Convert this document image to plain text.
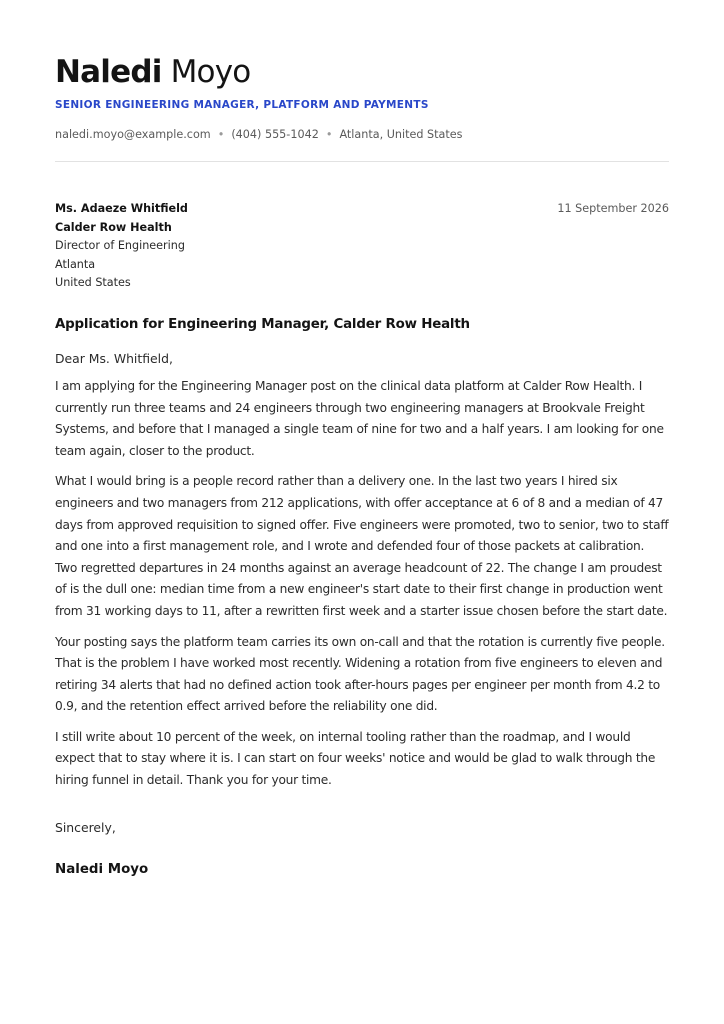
Naledi Moyo
SENIOR ENGINEERING MANAGER, PLATFORM AND PAYMENTS
naledi.moyo@example.com • (404) 555-1042 • Atlanta, United States
Ms. Adaeze Whitfield
Calder Row Health
Director of Engineering
Atlanta
United States
11 September 2026
Application for Engineering Manager, Calder Row Health
Dear Ms. Whitfield,

I am applying for the Engineering Manager post on the clinical data platform at Calder Row Health. I currently run three teams and 24 engineers through two engineering managers at Brookvale Freight Systems, and before that I managed a single team of nine for two and a half years. I am looking for one team again, closer to the product.

What I would bring is a people record rather than a delivery one. In the last two years I hired six engineers and two managers from 212 applications, with offer acceptance at 6 of 8 and a median of 47 days from approved requisition to signed offer. Five engineers were promoted, two to senior, two to staff and one into a first management role, and I wrote and defended four of those packets at calibration. Two regretted departures in 24 months against an average headcount of 22. The change I am proudest of is the dull one: median time from a new engineer's start date to their first change in production went from 31 working days to 11, after a rewritten first week and a starter issue chosen before the start date.

Your posting says the platform team carries its own on-call and that the rotation is currently five people. That is the problem I have worked most recently. Widening a rotation from five engineers to eleven and retiring 34 alerts that had no defined action took after-hours pages per engineer per month from 4.2 to 0.9, and the retention effect arrived before the reliability one did.

I still write about 10 percent of the week, on internal tooling rather than the roadmap, and I would expect that to stay where it is. I can start on four weeks' notice and would be glad to walk through the hiring funnel in detail. Thank you for your time.

Sincerely,
Naledi Moyo
